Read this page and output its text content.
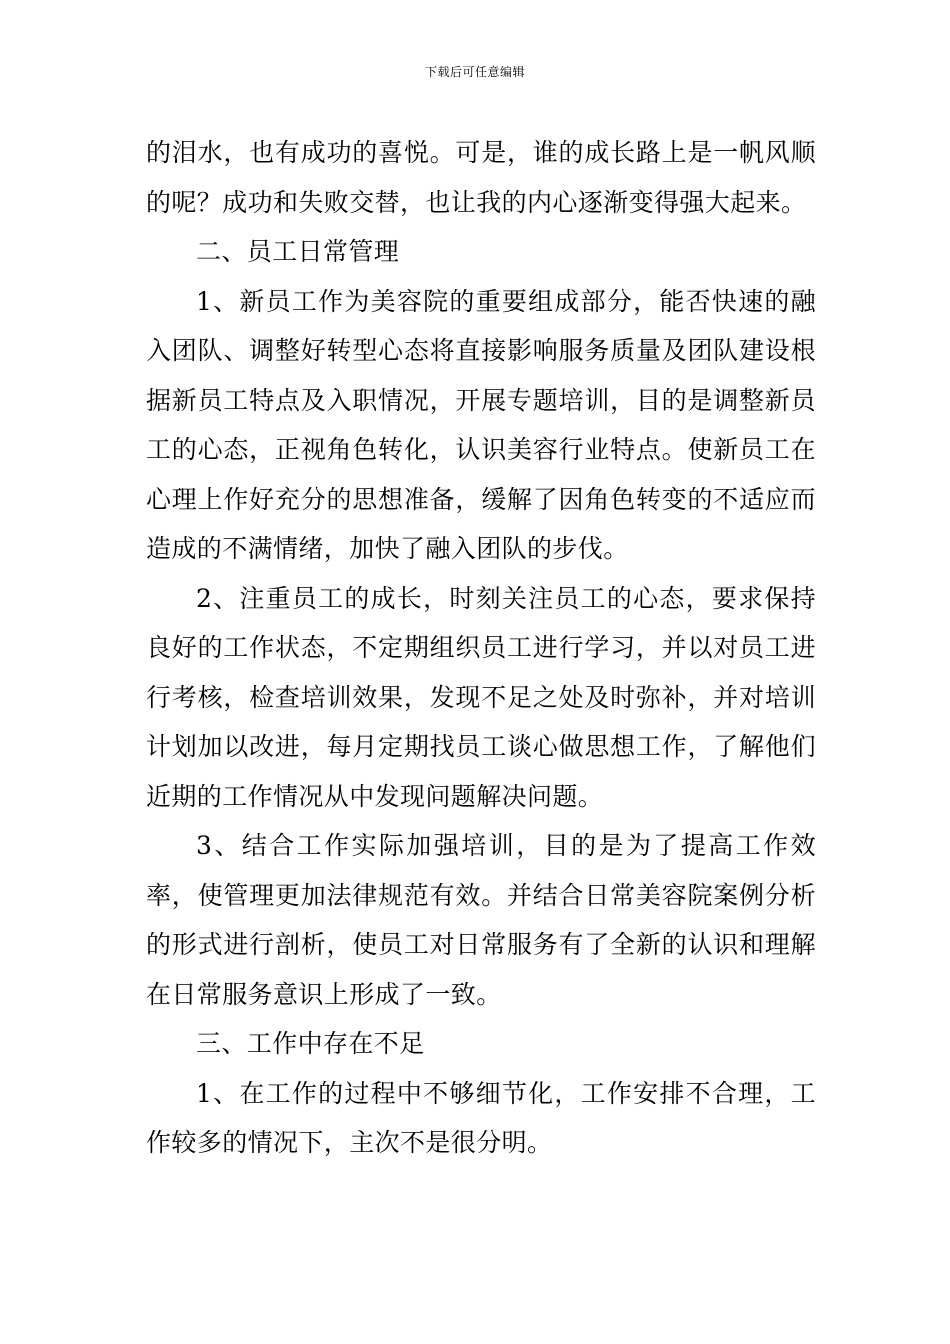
下载后可任意编辑

的泪水，也有成功的喜悦。可是，谁的成长路上是一帆风顺的呢？成功和失败交替，也让我的内心逐渐变得强大起来。

二、员工日常管理

1、新员工作为美容院的重要组成部分，能否快速的融入团队、调整好转型心态将直接影响服务质量及团队建设根据新员工特点及入职情况，开展专题培训，目的是调整新员工的心态，正视角色转化，认识美容行业特点。使新员工在心理上作好充分的思想准备，缓解了因角色转变的不适应而造成的不满情绪，加快了融入团队的步伐。

2、注重员工的成长，时刻关注员工的心态，要求保持良好的工作状态，不定期组织员工进行学习，并以对员工进行考核，检查培训效果，发现不足之处及时弥补，并对培训计划加以改进，每月定期找员工谈心做思想工作，了解他们近期的工作情况从中发现问题解决问题。

3、结合工作实际加强培训，目的是为了提高工作效率，使管理更加法律规范有效。并结合日常美容院案例分析的形式进行剖析，使员工对日常服务有了全新的认识和理解在日常服务意识上形成了一致。

三、工作中存在不足

1、在工作的过程中不够细节化，工作安排不合理，工作较多的情况下，主次不是很分明。
